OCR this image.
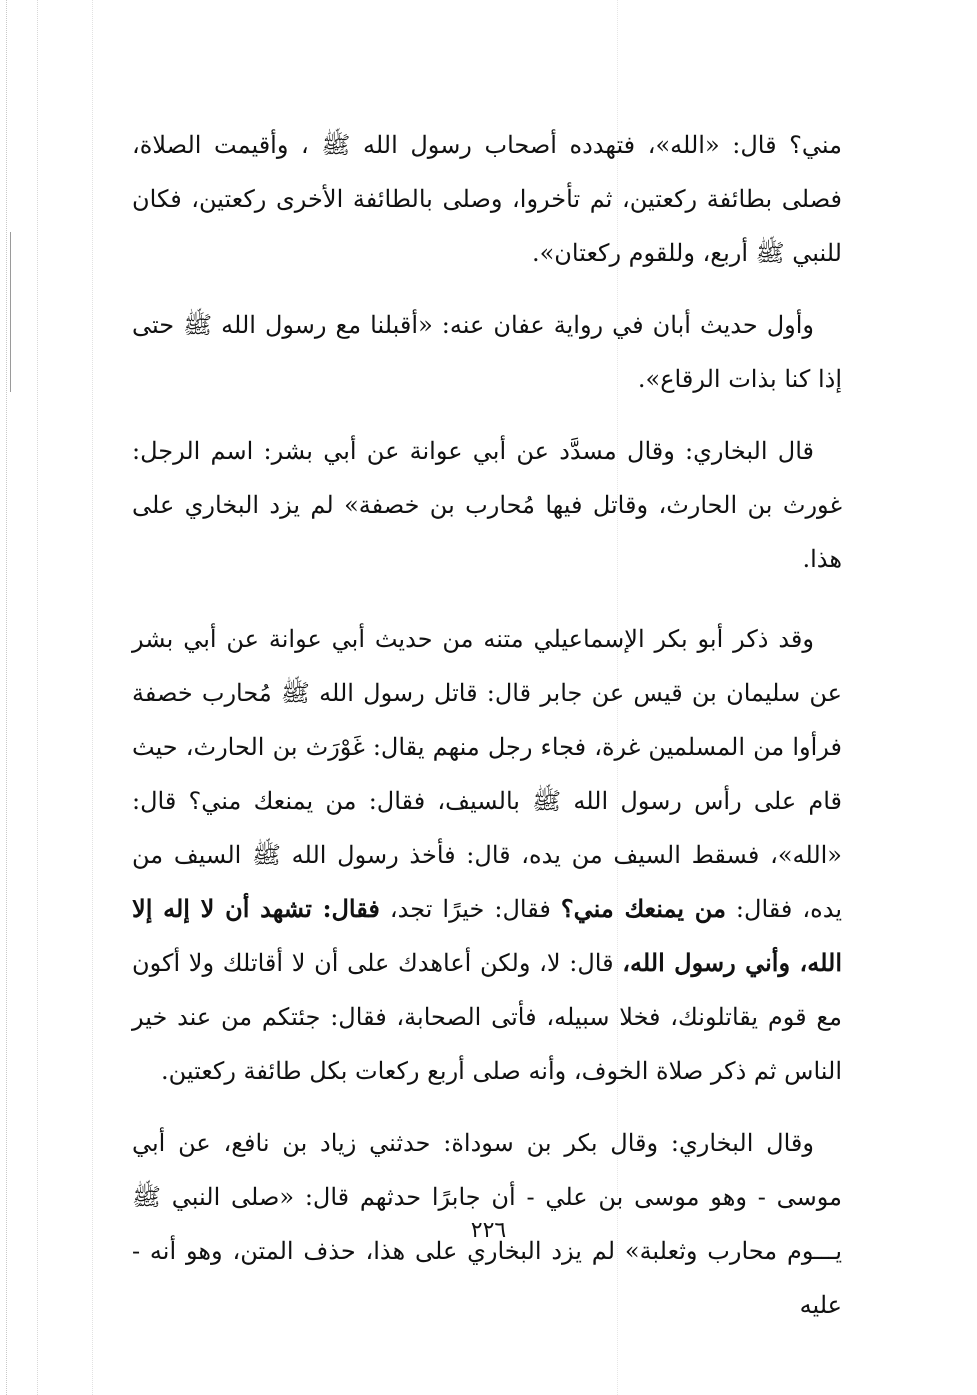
مني؟ قال: «الله»، فتهدده أصحاب رسول الله ﷺ ، وأقيمت الصلاة، فصلى بطائفة ركعتين، ثم تأخروا، وصلى بالطائفة الأخرى ركعتين، فكان للنبي ﷺ أربع، وللقوم ركعتان».

وأول حديث أبان في رواية عفان عنه: «أقبلنا مع رسول الله ﷺ حتى إذا كنا بذات الرقاع».

قال البخاري: وقال مسدَّد عن أبي عوانة عن أبي بشر: اسم الرجل: غورث بن الحارث، وقاتل فيها مُحارب بن خصفة» لم يزد البخاري على هذا.

وقد ذكر أبو بكر الإسماعيلي متنه من حديث أبي عوانة عن أبي بشر عن سليمان بن قيس عن جابر قال: قاتل رسول الله ﷺ مُحارب خصفة فرأوا من المسلمين غرة، فجاء رجل منهم يقال: غَوْرَث بن الحارث، حيث قام على رأس رسول الله ﷺ بالسيف، فقال: من يمنعك مني؟ قال: «الله»، فسقط السيف من يده، قال: فأخذ رسول الله ﷺ السيف من يده، فقال: من يمنعك مني؟ فقال: خيرًا تجد، فقال: تشهد أن لا إله إلا الله، وأني رسول الله، قال: لا، ولكن أعاهدك على أن لا أقاتلك ولا أكون مع قوم يقاتلونك، فخلا سبيله، فأتى الصحابة، فقال: جئتكم من عند خير الناس ثم ذكر صلاة الخوف، وأنه صلى أربع ركعات بكل طائفة ركعتين.

وقال البخاري: وقال بكر بن سوداة: حدثني زياد بن نافع، عن أبي موسى - وهو موسى بن علي - أن جابرًا حدثهم قال: «صلى النبي ﷺ يـــوم محارب وثعلبة» لم يزد البخاري على هذا، حذف المتن، وهو أنه - عليه

٢٢٦
